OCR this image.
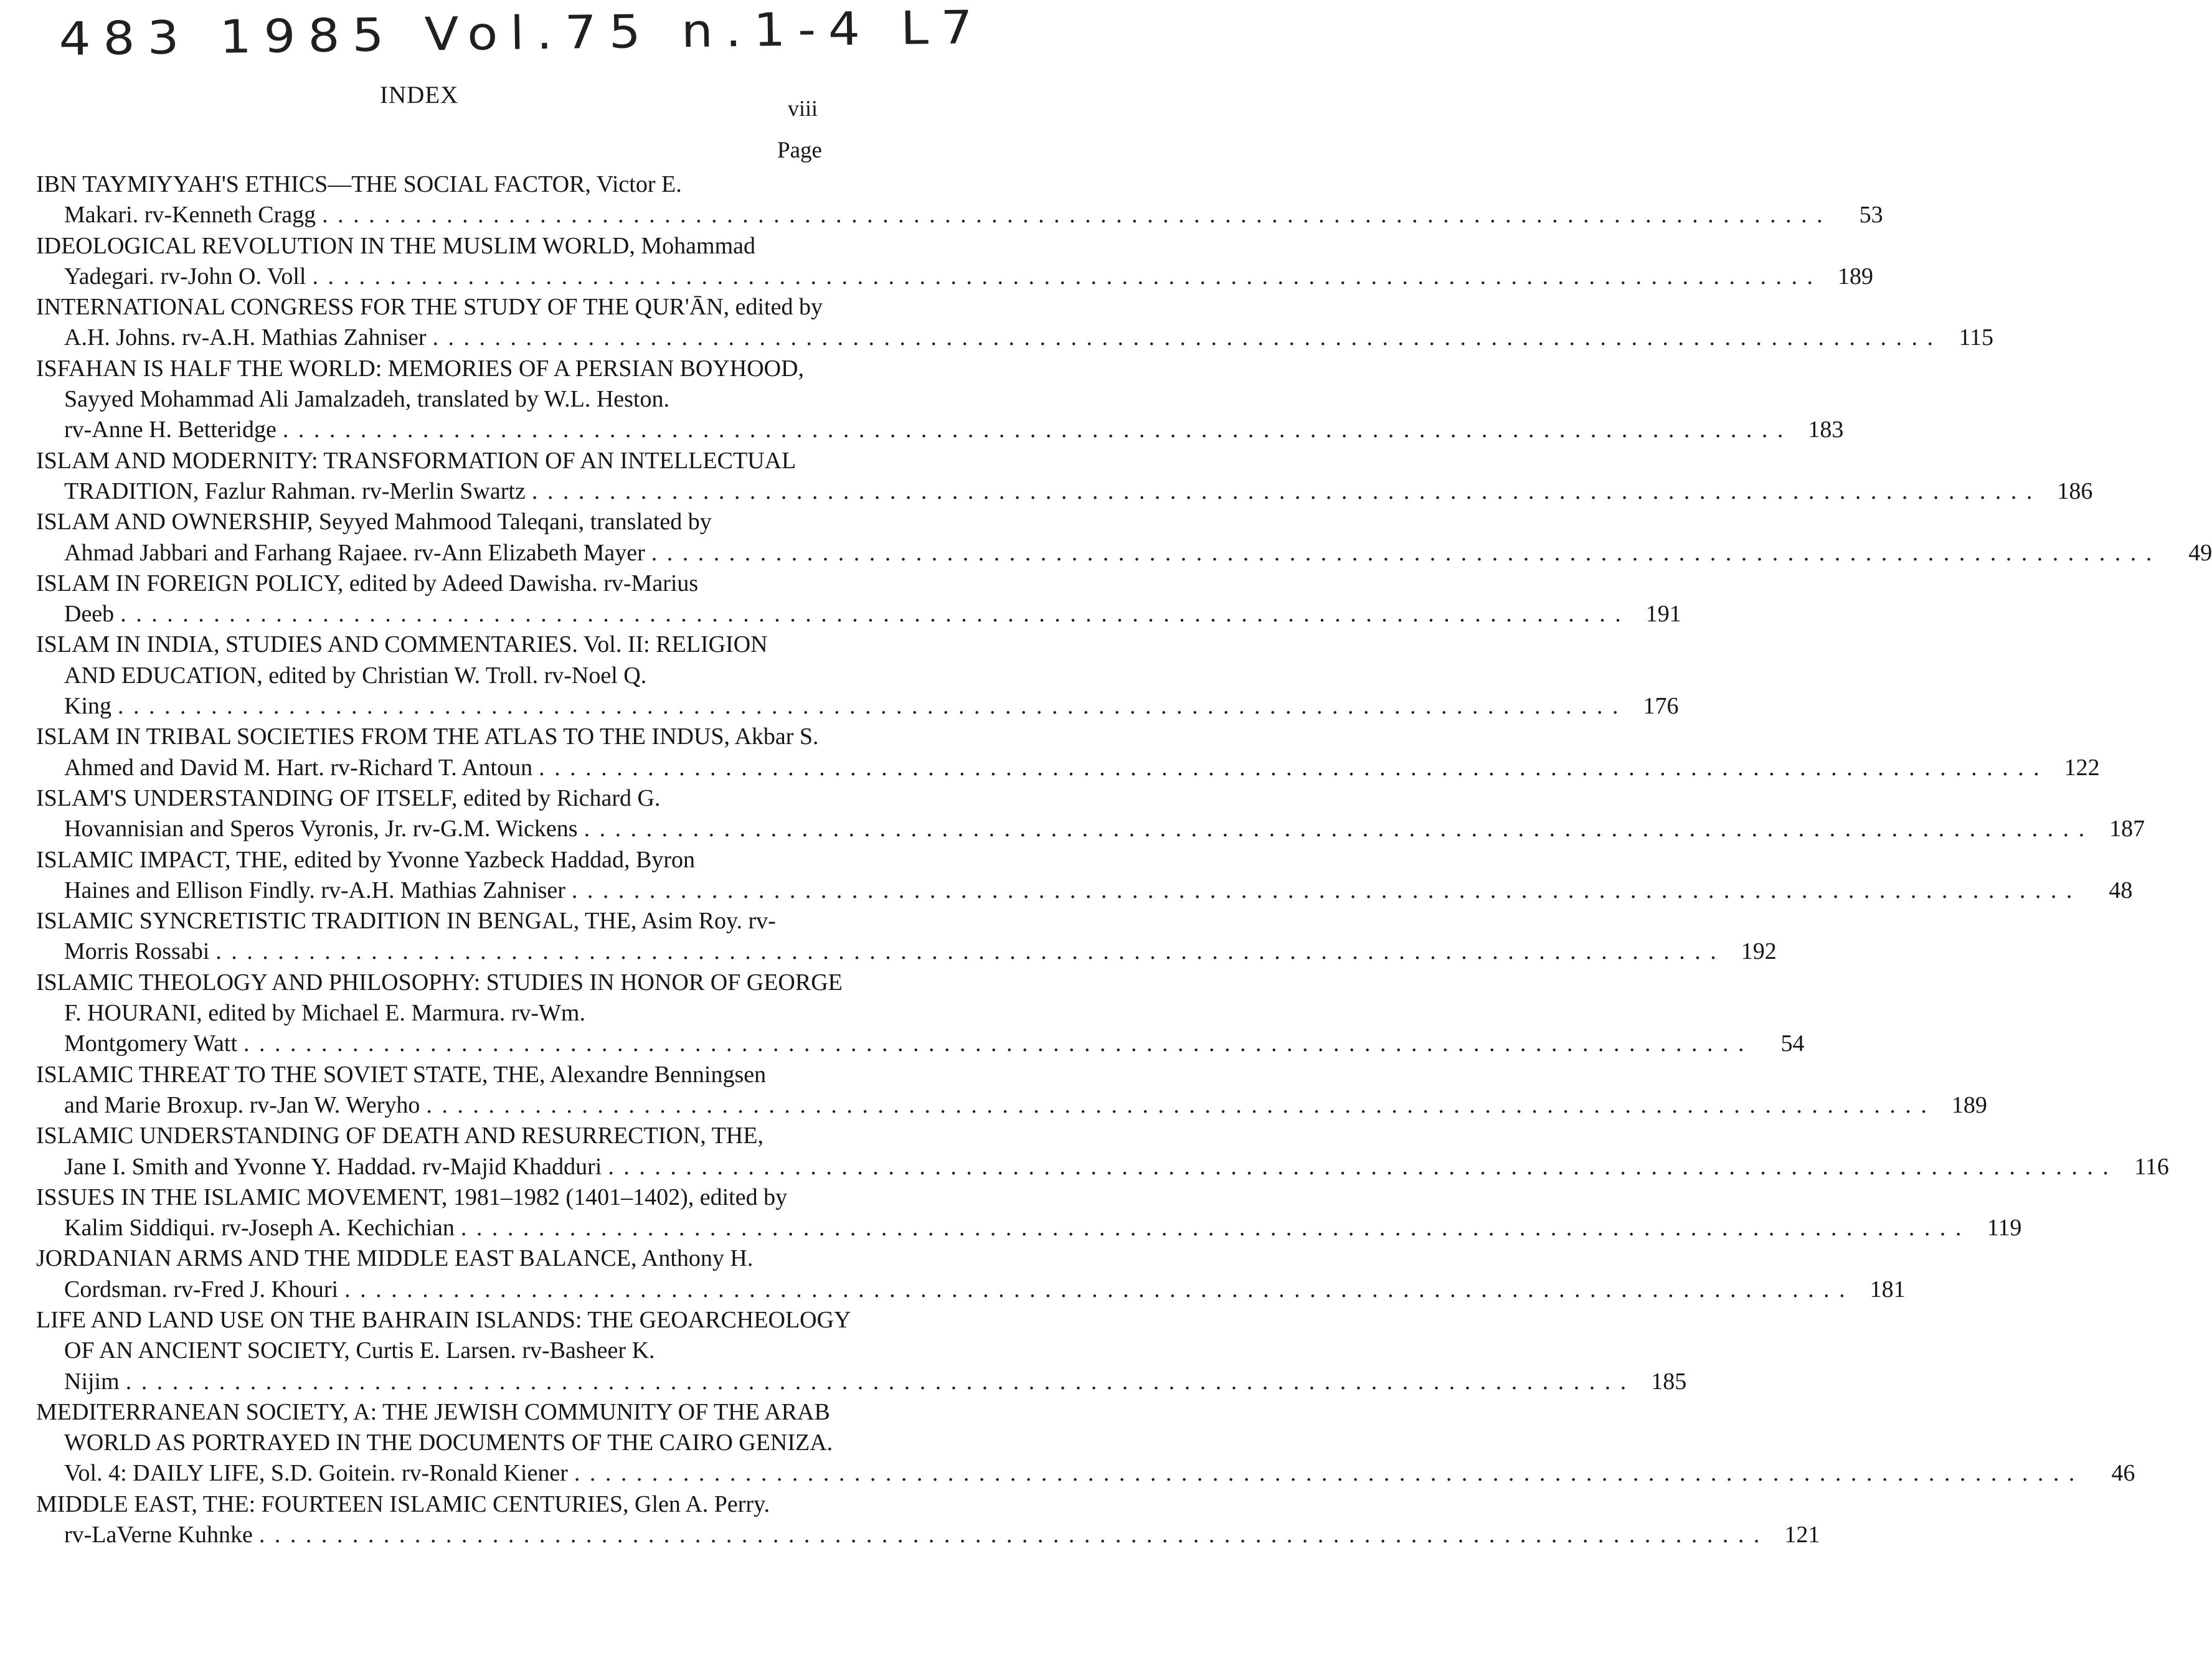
483 1985 Vol.75 n.1-4 L7
INDEX	viii
Page
IBN TAYMIYYAH'S ETHICS—THE SOCIAL FACTOR, Victor E.
Makari. rv-Kenneth Cragg . . .	53
IDEOLOGICAL REVOLUTION IN THE MUSLIM WORLD, Mohammad
Yadegari. rv-John O. Voll . . .	189
INTERNATIONAL CONGRESS FOR THE STUDY OF THE QUR'ĀN, edited by
A.H. Johns. rv-A.H. Mathias Zahniser . . .	115
ISFAHAN IS HALF THE WORLD: MEMORIES OF A PERSIAN BOYHOOD,
Sayyed Mohammad Ali Jamalzadeh, translated by W.L. Heston.
rv-Anne H. Betteridge . . .	183
ISLAM AND MODERNITY: TRANSFORMATION OF AN INTELLECTUAL
TRADITION, Fazlur Rahman. rv-Merlin Swartz . . .	186
ISLAM AND OWNERSHIP, Seyyed Mahmood Taleqani, translated by
Ahmad Jabbari and Farhang Rajaee. rv-Ann Elizabeth Mayer . . .	49
ISLAM IN FOREIGN POLICY, edited by Adeed Dawisha. rv-Marius
Deeb . . .	191
ISLAM IN INDIA, STUDIES AND COMMENTARIES. Vol. II: RELIGION
AND EDUCATION, edited by Christian W. Troll. rv-Noel Q.
King . . .	176
ISLAM IN TRIBAL SOCIETIES FROM THE ATLAS TO THE INDUS, Akbar S.
Ahmed and David M. Hart. rv-Richard T. Antoun . . .	122
ISLAM'S UNDERSTANDING OF ITSELF, edited by Richard G.
Hovannisian and Speros Vyronis, Jr. rv-G.M. Wickens . . .	187
ISLAMIC IMPACT, THE, edited by Yvonne Yazbeck Haddad, Byron
Haines and Ellison Findly. rv-A.H. Mathias Zahniser . . .	48
ISLAMIC SYNCRETISTIC TRADITION IN BENGAL, THE, Asim Roy. rv-
Morris Rossabi . . .	192
ISLAMIC THEOLOGY AND PHILOSOPHY: STUDIES IN HONOR OF GEORGE
F. HOURANI, edited by Michael E. Marmura. rv-Wm.
Montgomery Watt . . .	54
ISLAMIC THREAT TO THE SOVIET STATE, THE, Alexandre Benningsen
and Marie Broxup. rv-Jan W. Weryho . . .	189
ISLAMIC UNDERSTANDING OF DEATH AND RESURRECTION, THE,
Jane I. Smith and Yvonne Y. Haddad. rv-Majid Khadduri . . .	116
ISSUES IN THE ISLAMIC MOVEMENT, 1981–1982 (1401–1402), edited by
Kalim Siddiqui. rv-Joseph A. Kechichian . . .	119
JORDANIAN ARMS AND THE MIDDLE EAST BALANCE, Anthony H.
Cordsman. rv-Fred J. Khouri . . .	181
LIFE AND LAND USE ON THE BAHRAIN ISLANDS: THE GEOARCHEOLOGY
OF AN ANCIENT SOCIETY, Curtis E. Larsen. rv-Basheer K.
Nijim . . .	185
MEDITERRANEAN SOCIETY, A: THE JEWISH COMMUNITY OF THE ARAB
WORLD AS PORTRAYED IN THE DOCUMENTS OF THE CAIRO GENIZA.
Vol. 4: DAILY LIFE, S.D. Goitein. rv-Ronald Kiener . . .	46
MIDDLE EAST, THE: FOURTEEN ISLAMIC CENTURIES, Glen A. Perry.
rv-LaVerne Kuhnke . . .	121
